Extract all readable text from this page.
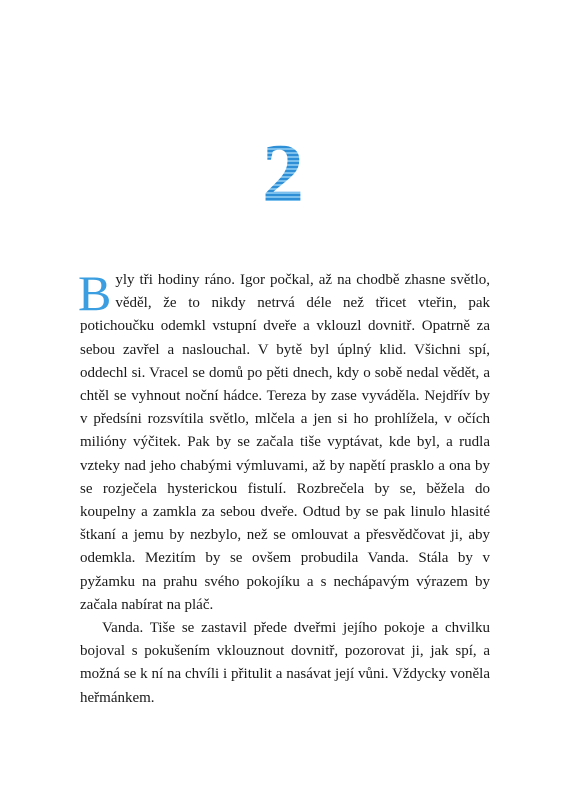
2

Byly tři hodiny ráno. Igor počkal, až na chodbě zhasne světlo, věděl, že to nikdy netrvá déle než třicet vteřin, pak potichoučku odemkl vstupní dveře a vklouzl dovnitř. Opatrně za sebou zavřel a naslouchal. V bytě byl úplný klid. Všichni spí, oddechl si. Vracel se domů po pěti dnech, kdy o sobě nedal vědět, a chtěl se vyhnout noční hádce. Tereza by zase vyváděla. Nejdřív by v předsíni rozsvítila světlo, mlčela a jen si ho prohlížela, v očích milióny výčitek. Pak by se začala tiše vyptávat, kde byl, a rudla vzteky nad jeho chabými výmluvami, až by napětí prasklo a ona by se rozječela hysterickou fistulí. Rozbrečela by se, běžela do koupelny a zamkla za sebou dveře. Odtud by se pak linulo hlasité štkaní a jemu by nezbylo, než se omlouvat a přesvědčovat ji, aby odemkla. Mezitím by se ovšem probudila Vanda. Stála by v pyžamku na prahu svého pokojíku a s nechápavým výrazem by začala nabírat na pláč.

Vanda. Tiše se zastavil přede dveřmi jejího pokoje a chvilku bojoval s pokušením vklouznout dovnitř, pozorovat ji, jak spí, a možná se k ní na chvíli i přitulit a nasávat její vůni. Vždycky voněla heřmánkem.
